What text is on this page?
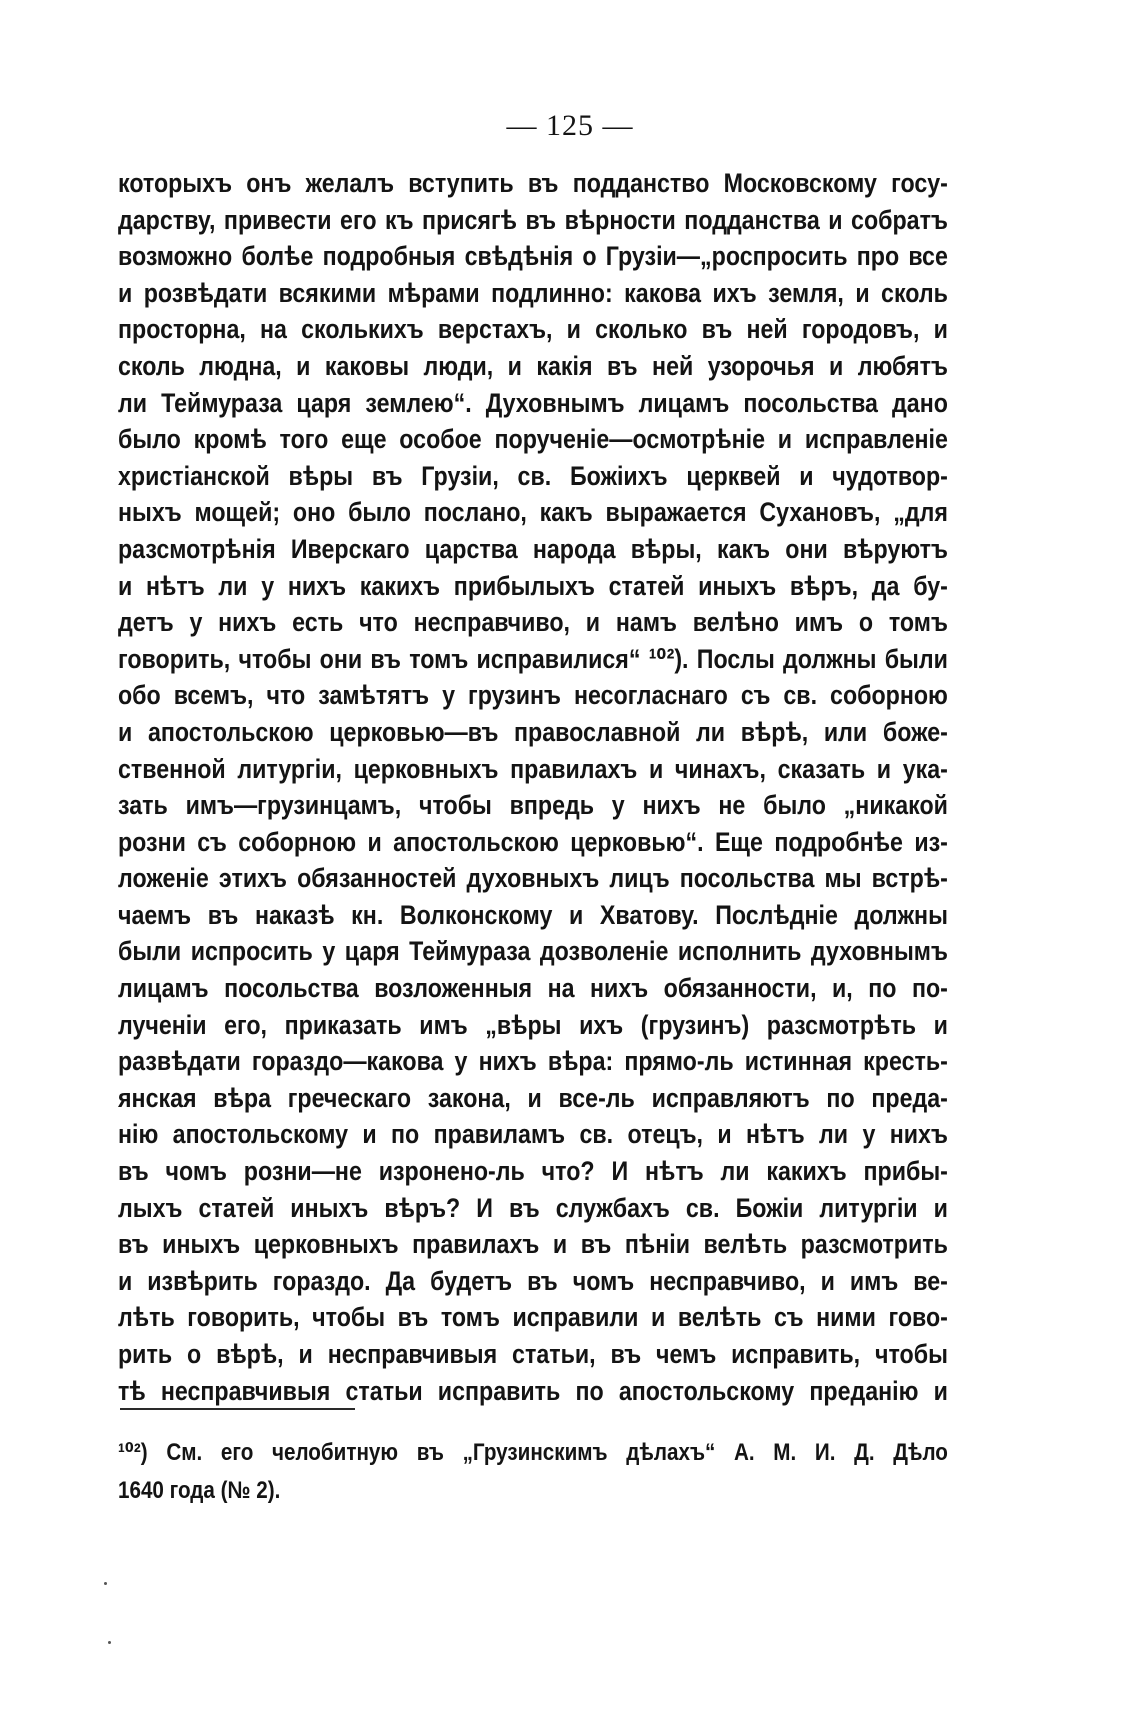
— 125 —
которыхъ онъ желалъ вступить въ подданство Московскому госу-
дарству, привести его къ присягѣ въ вѣрности подданства и собратъ
возможно болѣе подробныя свѣдѣнія о Грузіи—„роспросить про все
и розвѣдати всякими мѣрами подлинно: какова ихъ земля, и сколь
просторна, на сколькихъ верстахъ, и сколько въ ней городовъ, и
сколь людна, и каковы люди, и какія въ ней узорочья и любятъ
ли Теймураза царя землею“. Духовнымъ лицамъ посольства дано
было кромѣ того еще особое порученіе—осмотрѣніе и исправленіе
христіанской вѣры въ Грузіи, св. Божіихъ церквей и чудотвор-
ныхъ мощей; оно было послано, какъ выражается Сухановъ, „для
разсмотрѣнія Иверскаго царства народа вѣры, какъ они вѣруютъ
и нѣтъ ли у нихъ какихъ прибылыхъ статей иныхъ вѣръ, да бу-
детъ у нихъ есть что несправчиво, и намъ велѣно имъ о томъ
говорить, чтобы они въ томъ исправилися“ ¹⁰²). Послы должны были
обо всемъ, что замѣтятъ у грузинъ несогласнаго съ св. соборною
и апостольскою церковью—въ православной ли вѣрѣ, или боже-
ственной литургіи, церковныхъ правилахъ и чинахъ, сказать и ука-
зать имъ—грузинцамъ, чтобы впредь у нихъ не было „никакой
розни съ соборною и апостольскою церковью“. Еще подробнѣе из-
ложеніе этихъ обязанностей духовныхъ лицъ посольства мы встрѣ-
чаемъ въ наказѣ кн. Волконскому и Хватову. Послѣдніе должны
были испросить у царя Теймураза дозволеніе исполнить духовнымъ
лицамъ посольства возложенныя на нихъ обязанности, и, по по-
лученіи его, приказать имъ „вѣры ихъ (грузинъ) разсмотрѣть и
развѣдати гораздо—какова у нихъ вѣра: прямо-ль истинная кресть-
янская вѣра греческаго закона, и все-ль исправляютъ по преда-
нію апостольскому и по правиламъ св. отецъ, и нѣтъ ли у нихъ
въ чомъ розни—не изронено-ль что? И нѣтъ ли какихъ прибы-
лыхъ статей иныхъ вѣръ? И въ службахъ св. Божіи литургіи и
въ иныхъ церковныхъ правилахъ и въ пѣніи велѣть разсмотрить
и извѣрить гораздо. Да будетъ въ чомъ несправчиво, и имъ ве-
лѣть говорить, чтобы въ томъ исправили и велѣть съ ними гово-
рить о вѣрѣ, и несправчивыя статьи, въ чемъ исправить, чтобы
тѣ несправчивыя статьи исправить по апостольскому преданію и
¹⁰²) См. его челобитную въ „Грузинскимъ дѣлахъ“ А. М. И. Д. Дѣло
1640 года (№ 2).
